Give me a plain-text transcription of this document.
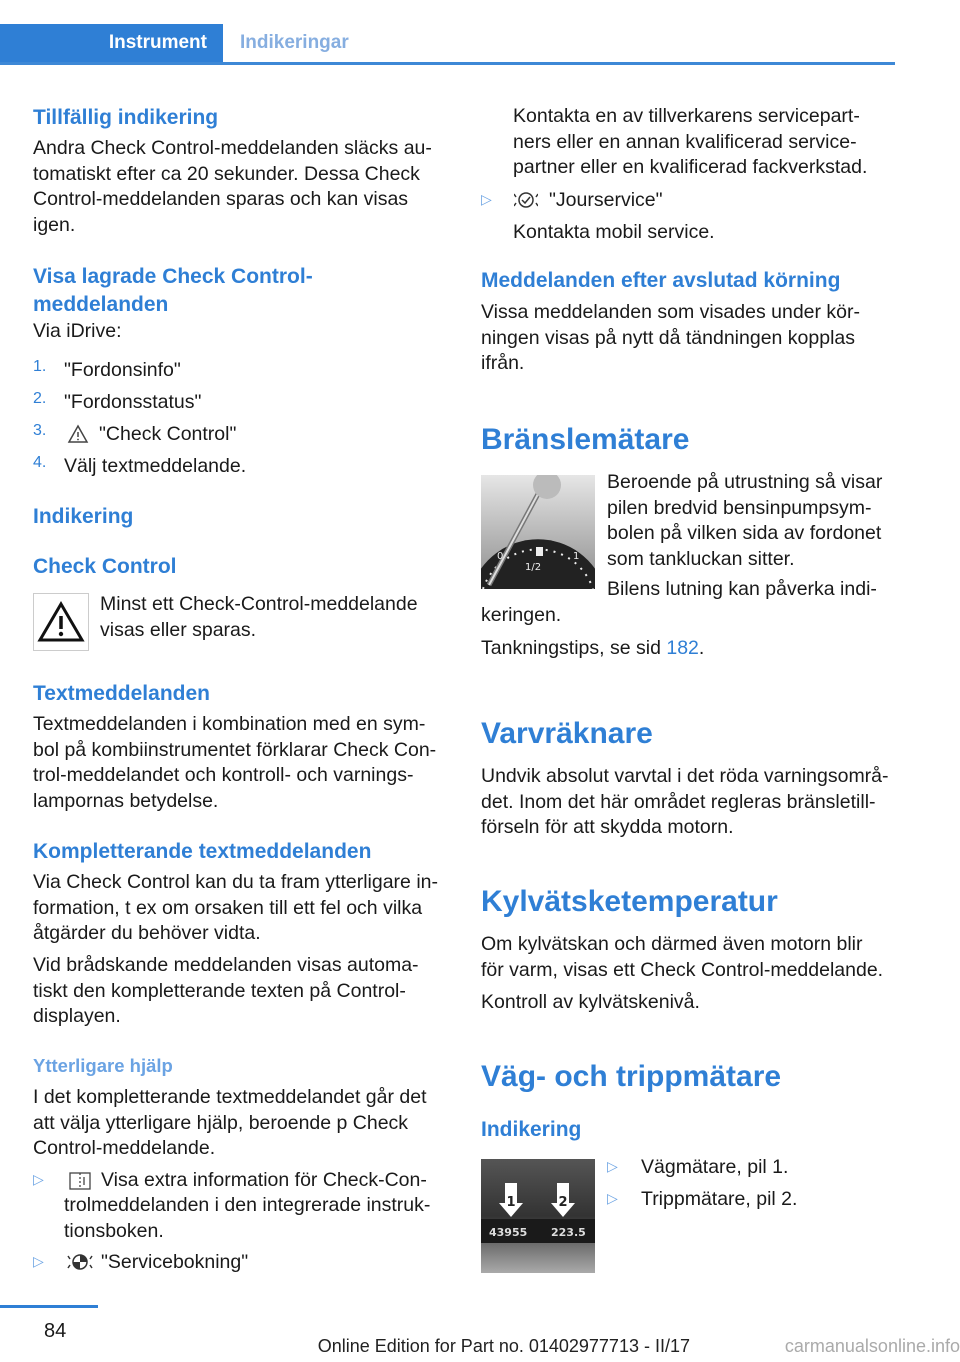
Instrument	Indikeringar
Tillfällig indikering

Andra Check Control-meddelanden släcks au-

tomatiskt efter ca 20 sekunder. Dessa Check

Control-meddelanden sparas och kan visas

igen.

Visa lagrade Check Control-
meddelanden

Via iDrive:

1. "Fordonsinfo"

2. "Fordonsstatus"

3.	"Check Control"

4. Välj textmeddelande.

Indikering
Check Control

Minst ett Check-Control-meddelande

visas eller sparas.

Textmeddelanden

Textmeddelanden i kombination med en sym-

bol på kombiinstrumentet förklarar Check Con-

trol-meddelandet och kontroll- och varnings-

lampornas betydelse.

Kompletterande textmeddelanden

Via Check Control kan du ta fram ytterligare in-

formation, t ex om orsaken till ett fel och vilka

åtgärder du behöver vidta.

Vid brådskande meddelanden visas automa-

tiskt den kompletterande texten på Control-

displayen.

Ytterligare hjälp

I det kompletterande textmeddelandet går det

att välja ytterligare hjälp, beroende p Check

Control-meddelande.

▷	Visa extra information för Check-Con-

trolmeddelanden i den integrerade instruk-

tionsboken.

▷	"Servicebokning"

Kontakta en av tillverkarens servicepart-

ners eller en annan kvalificerad service-

partner eller en kvalificerad fackverkstad.

▷	"Jourservice"

Kontakta mobil service.

Meddelanden efter avslutad körning

Vissa meddelanden som visades under kör-

ningen visas på nytt då tändningen kopplas

ifrån.

Bränslemätare
0
1/2
1

Beroende på utrustning så visar

pilen bredvid bensinpumpsym-

bolen på vilken sida av fordonet

som tankluckan sitter.

Bilens lutning kan påverka indi-

keringen.

Tankningstips, se sid 182.

Varvräknare

Undvik absolut varvtal i det röda varningsområ-

det. Inom det här området regleras bränsletill-

förseln för att skydda motorn.

Kylvätsketemperatur

Om kylvätskan och därmed även motorn blir

för varm, visas ett Check Control-meddelande.

Kontroll av kylvätskenivå.

Väg- och trippmätare
Indikering
1	2
43955 223.5
▷ Vägmätare, pil 1.

▷ Trippmätare, pil 2.

84
Online Edition for Part no. 01402977713 - II/17	carmanualsonline.info
